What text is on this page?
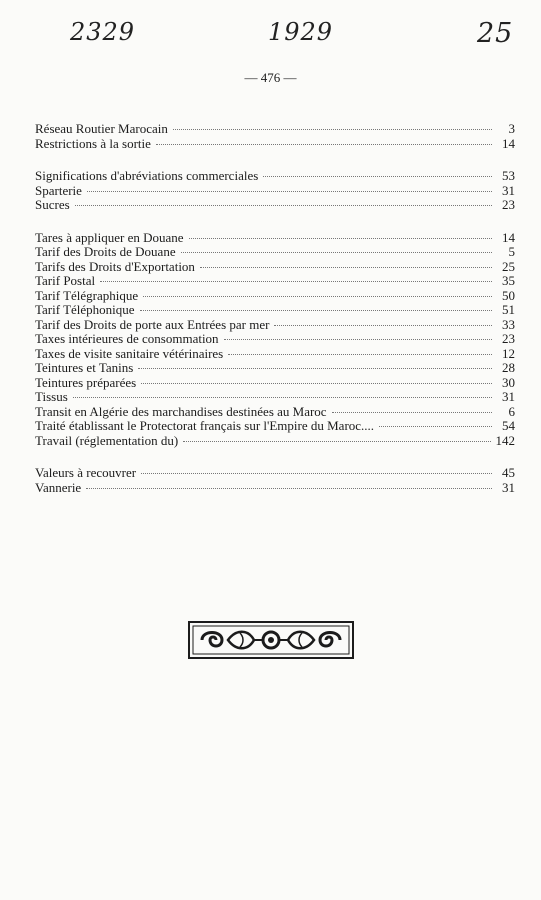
2329	1929	25
— 476 —
Réseau Routier Marocain	3
Restrictions à la sortie	14
Significations d'abréviations commerciales	53
Sparterie	31
Sucres	23
Tares à appliquer en Douane	14
Tarif des Droits de Douane	5
Tarifs des Droits d'Exportation	25
Tarif Postal	35
Tarif Télégraphique	50
Tarif Téléphonique	51
Tarif des Droits de porte aux Entrées par mer	33
Taxes intérieures de consommation	23
Taxes de visite sanitaire vétérinaires	12
Teintures et Tanins	28
Teintures préparées	30
Tissus	31
Transit en Algérie des marchandises destinées au Maroc	6
Traité établissant le Protectorat français sur l'Empire du Maroc....	54
Travail (réglementation du)	142
Valeurs à recouvrer	45
Vannerie	31
